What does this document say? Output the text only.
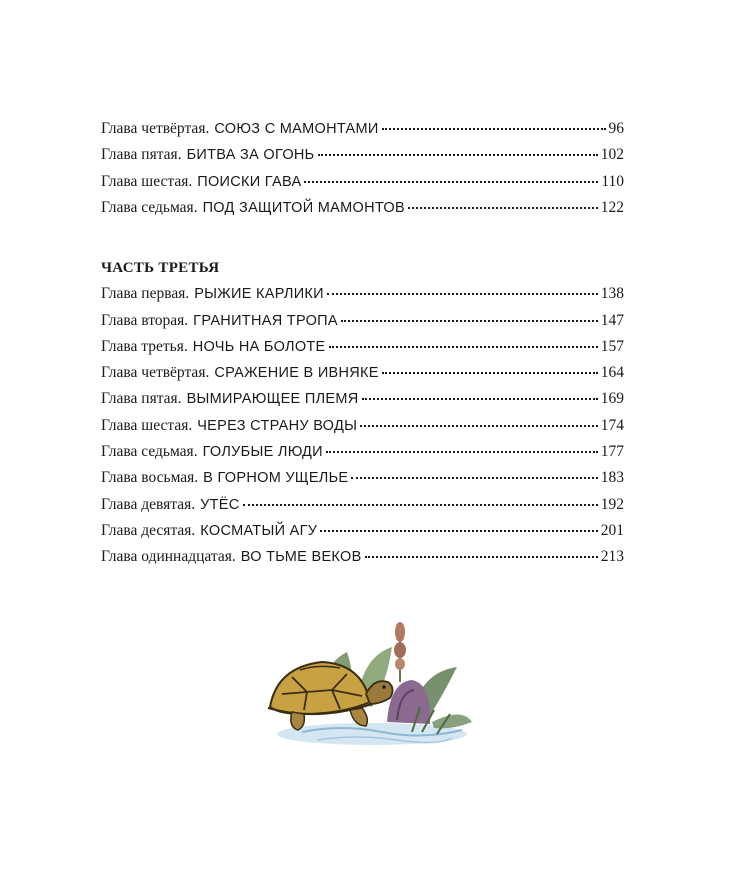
Глава четвёртая. СОЮЗ С МАМОНТАМИ	96
Глава пятая. БИТВА ЗА ОГОНЬ	102
Глава шестая. ПОИСКИ ГАВА	110
Глава седьмая. ПОД ЗАЩИТОЙ МАМОНТОВ	122
ЧАСТЬ ТРЕТЬЯ
Глава первая. РЫЖИЕ КАРЛИКИ	138
Глава вторая. ГРАНИТНАЯ ТРОПА	147
Глава третья. НОЧЬ НА БОЛОТЕ	157
Глава четвёртая. СРАЖЕНИЕ В ИВНЯКЕ	164
Глава пятая. ВЫМИРАЮЩЕЕ ПЛЕМЯ	169
Глава шестая. ЧЕРЕЗ СТРАНУ ВОДЫ	174
Глава седьмая. ГОЛУБЫЕ ЛЮДИ	177
Глава восьмая. В ГОРНОМ УЩЕЛЬЕ	183
Глава девятая. УТЁС	192
Глава десятая. КОСМАТЫЙ АГУ	201
Глава одиннадцатая. ВО ТЬМЕ ВЕКОВ	213
